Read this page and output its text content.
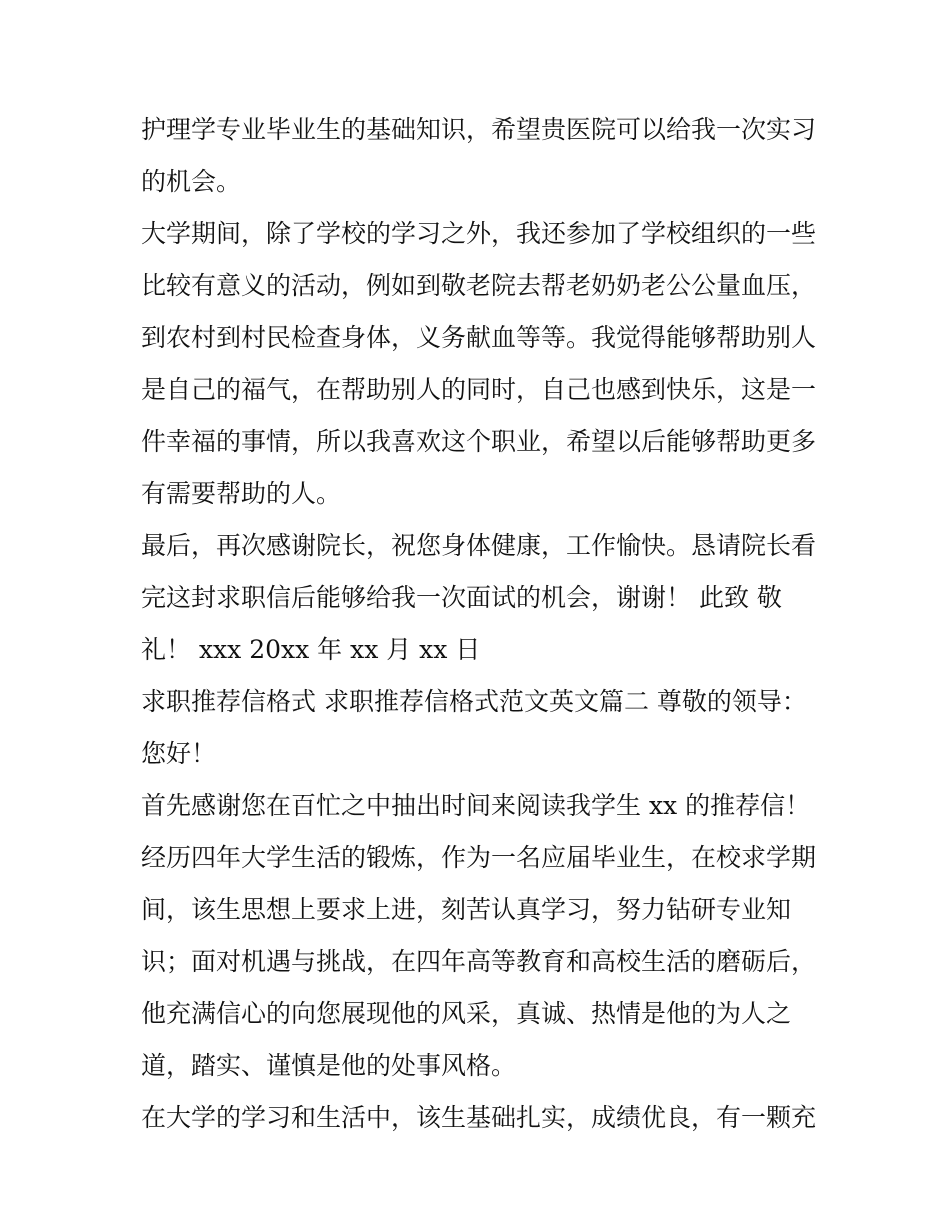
护理学专业毕业生的基础知识，希望贵医院可以给我一次实习
的机会。
大学期间，除了学校的学习之外，我还参加了学校组织的一些
比较有意义的活动，例如到敬老院去帮老奶奶老公公量血压，
到农村到村民检查身体，义务献血等等。我觉得能够帮助别人
是自己的福气，在帮助别人的同时，自己也感到快乐，这是一
件幸福的事情，所以我喜欢这个职业，希望以后能够帮助更多
有需要帮助的人。
最后，再次感谢院长，祝您身体健康，工作愉快。恳请院长看
完这封求职信后能够给我一次面试的机会，谢谢！ 此致 敬
礼！ xxx 20xx 年 xx 月 xx 日
求职推荐信格式 求职推荐信格式范文英文篇二 尊敬的领导：
您好！
首先感谢您在百忙之中抽出时间来阅读我学生 xx 的推荐信！
经历四年大学生活的锻炼，作为一名应届毕业生，在校求学期
间，该生思想上要求上进，刻苦认真学习，努力钻研专业知
识；面对机遇与挑战，在四年高等教育和高校生活的磨砺后，
他充满信心的向您展现他的风采，真诚、热情是他的为人之
道，踏实、谨慎是他的处事风格。
在大学的学习和生活中，该生基础扎实，成绩优良，有一颗充
